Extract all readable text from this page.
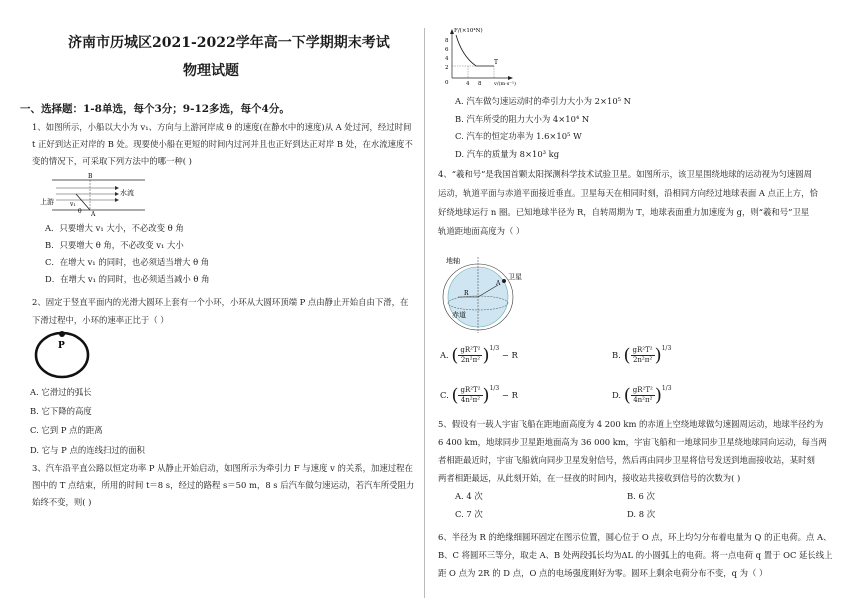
济南市历城区2021-2022学年高一下学期期末考试
物理试题
一、选择题：1-8单选，每个3分；9-12多选，每个4分。
1、如图所示，小船以大小为 v₁、方向与上游河岸成 θ 的速度(在静水中的速度)从 A 处过河，经过时间
t 正好到达正对岸的 B 处。现要使小船在更短的时间内过河并且也正好到达正对岸 B 处，在水流速度不
变的情况下，可采取下列方法中的哪一种( )
B
A
θ
v₁
水流
上游
A．只要增大 v₁ 大小，不必改变 θ 角
B．只要增大 θ 角，不必改变 v₁ 大小
C．在增大 v₁ 的同时，也必须适当增大 θ 角
D．在增大 v₁ 的同时，也必须适当减小 θ 角
2、固定于竖直平面内的光滑大圆环上套有一个小环，小环从大圆环顶端 P 点由静止开始自由下滑，在
下滑过程中，小环的速率正比于（ ）
P
A. 它滑过的弧长
B. 它下降的高度
C. 它到 P 点的距离
D. 它与 P 点的连线扫过的面积
3、汽车沿平直公路以恒定功率 P 从静止开始启动，如图所示为牵引力 F 与速度 v 的关系，加速过程在
图中的 T 点结束，所用的时间 t＝8 s，经过的路程 s＝50 m，8 s 后汽车做匀速运动，若汽车所受阻力
始终不变，则( )
F/(×10⁴N)
8
6
4
2
0	4 8
T
v/(m·s⁻¹)
A. 汽车做匀速运动时的牵引力大小为 2×10⁵ N
B. 汽车所受的阻力大小为 4×10⁴ N
C. 汽车的恒定功率为 1.6×10⁵ W
D. 汽车的质量为 8×10³ kg
4、“羲和号”是我国首颗太阳探测科学技术试验卫星。如图所示，该卫星围绕地球的运动视为匀速圆周
运动，轨道平面与赤道平面接近垂直。卫星每天在相同时刻，沿相同方向经过地球表面 A 点正上方，恰
好绕地球运行 n 圈。已知地球半径为 R，自转周期为 T，地球表面重力加速度为 g，则“羲和号”卫星
轨道距地面高度为（ ）
地轴
卫星
赤道
R
A
A. ( $\frac{\text{gR²T²}}{\text{2n²π²}} )^{1/3} - R$	B. ( $\frac{\text{gR²T²}}{\text{2n²π²}} )^{1/3}$
C. ( $\frac{\text{gR²T²}}{\text{4n²π²}} )^{1/3} - R$	D. ( $\frac{\text{gR²T²}}{\text{4n²π²}} )^{1/3}$
5、假设有一载人宇宙飞船在距地面高度为 4 200 km 的赤道上空绕地球做匀速圆周运动，地球半径约为
6 400 km，地球同步卫星距地面高为 36 000 km，宇宙飞船和一地球同步卫星绕地球同向运动，每当两
者相距最近时，宇宙飞船就向同步卫星发射信号，然后再由同步卫星将信号发送到地面接收站，某时刻
两者相距最远，从此刻开始，在一昼夜的时间内，接收站共接收到信号的次数为( )
A. 4 次	B. 6 次
C. 7 次	D. 8 次
6、半径为 R 的绝缘细圆环固定在图示位置，圆心位于 O 点，环上均匀分布着电量为 Q 的正电荷。点 A、
B、C 将圆环三等分，取走 A、B 处两段弧长均为ΔL 的小圆弧上的电荷。将一点电荷 q 置于 OC 延长线上
距 O 点为 2R 的 D 点，O 点的电场强度刚好为零。圆环上剩余电荷分布不变，q 为（ ）
